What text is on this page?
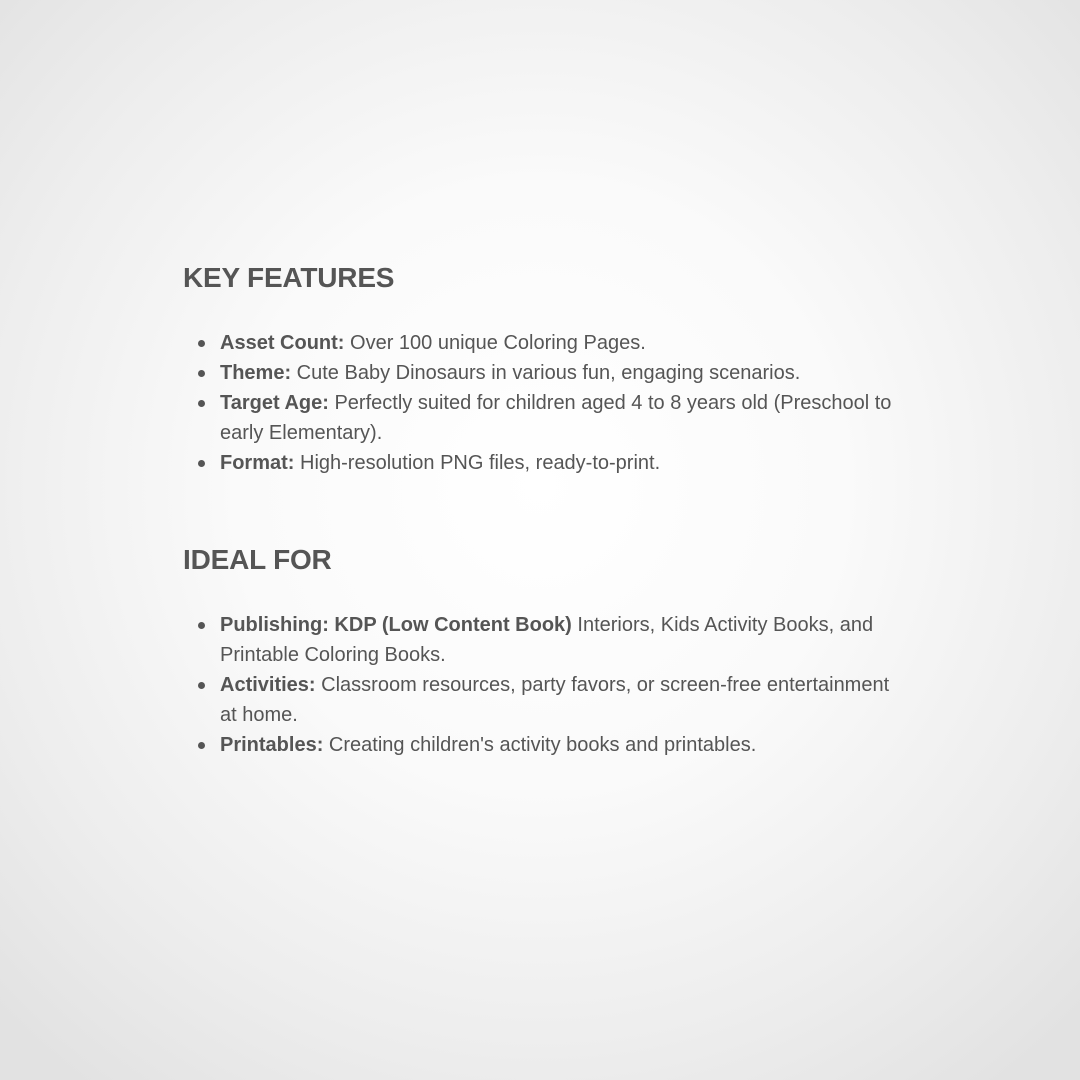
KEY FEATURES
Asset Count: Over 100 unique Coloring Pages.
Theme: Cute Baby Dinosaurs in various fun, engaging scenarios.
Target Age: Perfectly suited for children aged 4 to 8 years old (Preschool to early Elementary).
Format: High-resolution PNG files, ready-to-print.
IDEAL FOR
Publishing: KDP (Low Content Book) Interiors, Kids Activity Books, and Printable Coloring Books.
Activities: Classroom resources, party favors, or screen-free entertainment at home.
Printables: Creating children's activity books and printables.
